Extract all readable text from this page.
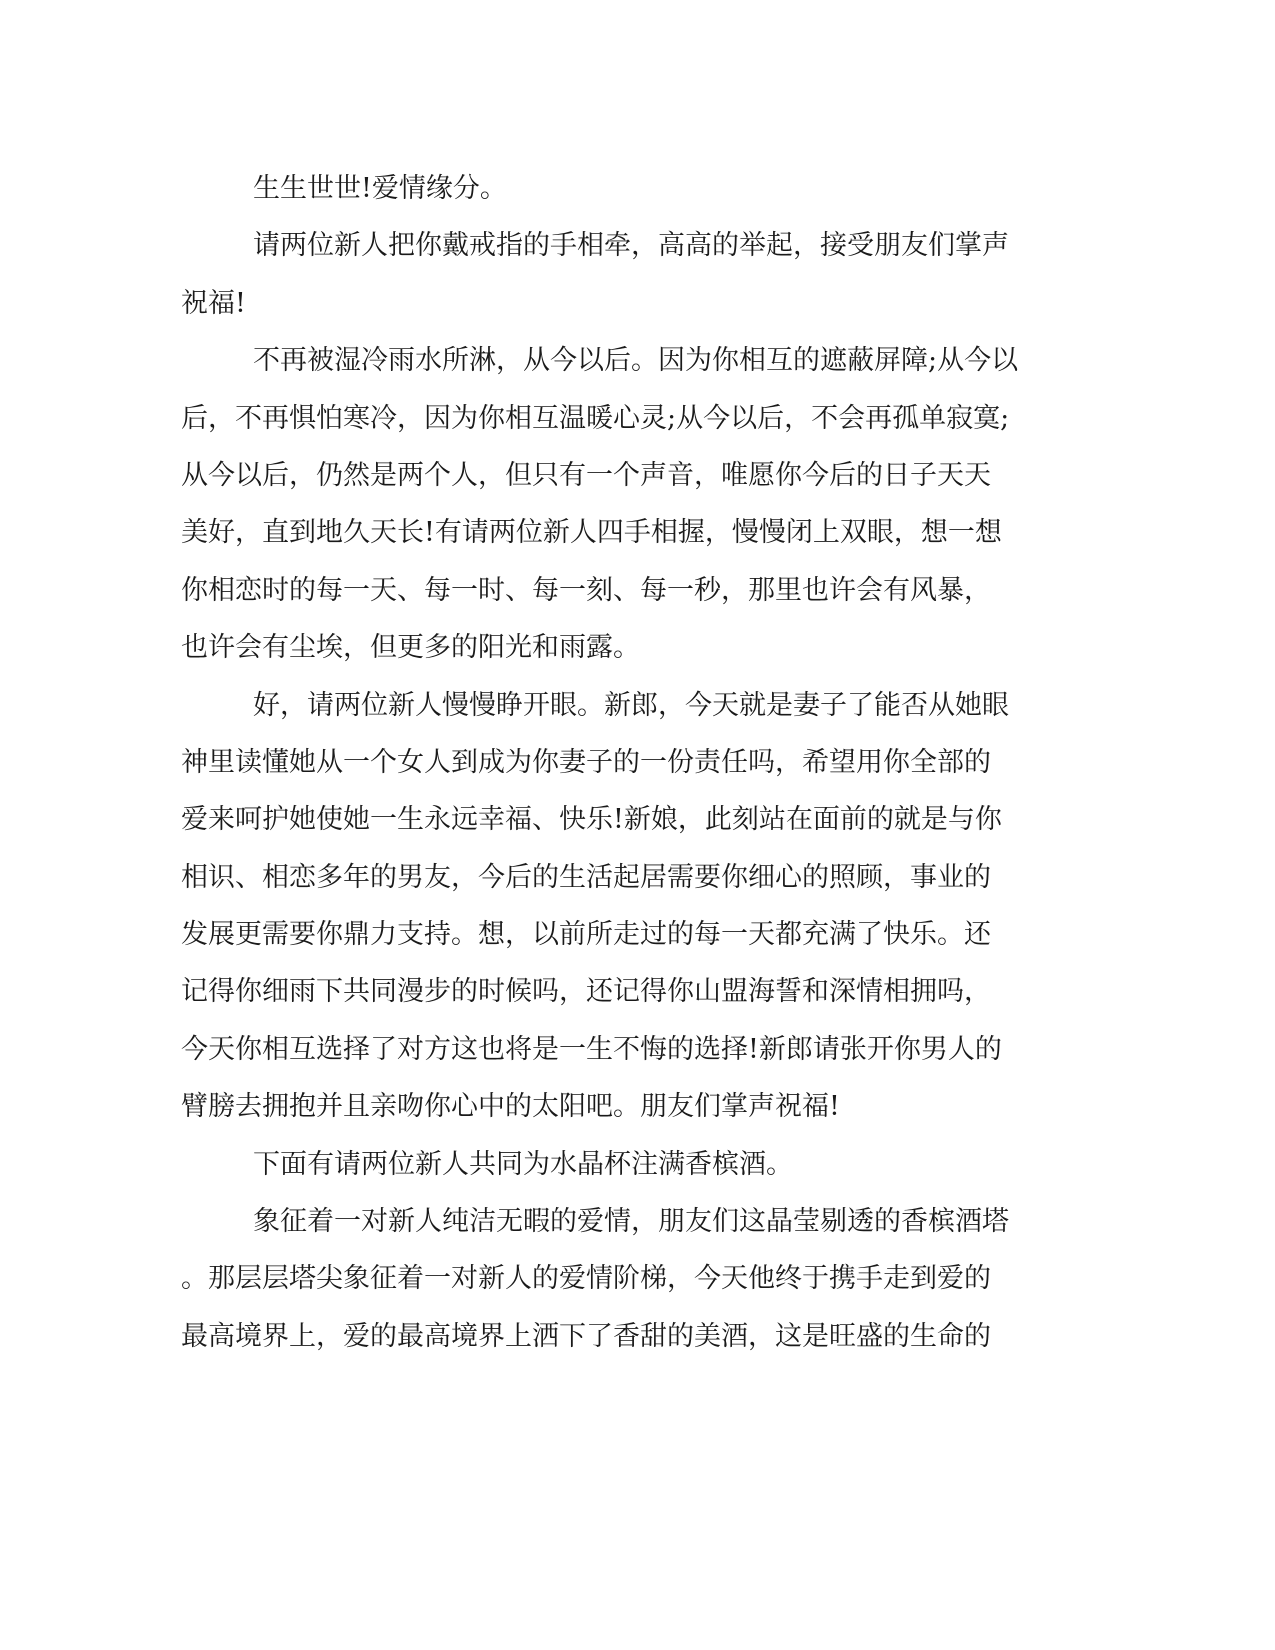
生生世世!爱情缘分。
请两位新人把你戴戒指的手相牵，高高的举起，接受朋友们掌声
祝福!
不再被湿冷雨水所淋，从今以后。因为你相互的遮蔽屏障;从今以
后，不再惧怕寒冷，因为你相互温暖心灵;从今以后，不会再孤单寂寞;
从今以后，仍然是两个人，但只有一个声音，唯愿你今后的日子天天
美好，直到地久天长!有请两位新人四手相握，慢慢闭上双眼，想一想
你相恋时的每一天、每一时、每一刻、每一秒，那里也许会有风暴，
也许会有尘埃，但更多的阳光和雨露。
好，请两位新人慢慢睁开眼。新郎，今天就是妻子了能否从她眼
神里读懂她从一个女人到成为你妻子的一份责任吗，希望用你全部的
爱来呵护她使她一生永远幸福、快乐!新娘，此刻站在面前的就是与你
相识、相恋多年的男友，今后的生活起居需要你细心的照顾，事业的
发展更需要你鼎力支持。想，以前所走过的每一天都充满了快乐。还
记得你细雨下共同漫步的时候吗，还记得你山盟海誓和深情相拥吗，
今天你相互选择了对方这也将是一生不悔的选择!新郎请张开你男人的
臂膀去拥抱并且亲吻你心中的太阳吧。朋友们掌声祝福!
下面有请两位新人共同为水晶杯注满香槟酒。
象征着一对新人纯洁无暇的爱情，朋友们这晶莹剔透的香槟酒塔
。那层层塔尖象征着一对新人的爱情阶梯，今天他终于携手走到爱的
最高境界上，爱的最高境界上洒下了香甜的美酒，这是旺盛的生命的
